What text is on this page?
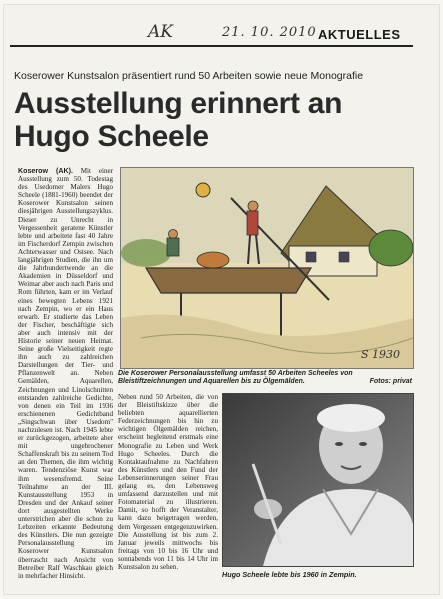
AK	21. 10. 2010 AKTUELLES
Koserower Kunstsalon präsentiert rund 50 Arbeiten sowie neue Monografie
Ausstellung erinnert an Hugo Scheele
Koserow (AK). Mit einer Ausstellung zum 50. Todestag des Usedomer Malers Hugo Scheele (1881-1960) beendet der Koserower Kunstsalon seinen diesjährigen Ausstellungszyklus. Dieser zu Unrecht in Vergessenheit geratene Künstler lebte und arbeitete fast 40 Jahre im Fischerdorf Zempin zwischen Achterwasser und Ostsee. Nach langjährigen Studien, die ihn um die Jahrhundertwende an die Akademien in Düsseldorf und Weimar aber auch nach Paris und Rom führten, kam er im Verlauf eines bewegten Lebens 1921 nach Zempin, wo er ein Haus erwarb. Er studierte das Leben der Fischer, beschäftigte sich aber auch intensiv mit der Historie seiner neuen Heimat. Seine große Vielseitigkeit regte ihn auch zu zahlreichen Darstellungen der Tier- und Pflanzenwelt an. Neben Gemälden, Aquarellen, Zeichnungen und Linolschnitten entstanden zahlreiche Gedichte, von denen ein Teil im 1936 erschienenen Gedichtband „Singschwan über Usedom" nachzulesen ist. Nach 1945 lebte er zurückgezogen, arbeitete aber mit ungebrochener Schaffenskraft bis zu seinem Tod an den Themen, die ihm wichtig waren. Tendenziöse Kunst war ihm wesensfremd. Seine Teilnahme an der III. Kunstausstellung 1953 in Dresden und der Ankauf seiner dort ausgestellten Werke unterstrichen aber die schon zu Lebzeiten erkannte Bedeutung des Künstlers. Die nun gezeigte Personalausstellung im Koserower Kunstsalon überrascht nach Ansicht von Betreiber Ralf Waschkau gleich in mehrfacher Hinsicht.
S 1930
Die Koserower Personalausstellung umfasst 50 Arbeiten Scheeles von Bleistiftzeichnungen und Aquarellen bis zu Ölgemälden.	Fotos: privat
Neben rund 50 Arbeiten, die von der Bleistiftskizze über die beliebten aquarellierten Federzeichnungen bis hin zu wichtigen Ölgemälden reichen, erscheint begleitend erstmals eine Monografie zu Leben und Werk Hugo Scheeles. Durch die Kontaktaufnahme zu Nachfahren des Künstlers und den Fund der Lebenserinnerungen seiner Frau gelang es, den Lebensweg umfassend darzustellen und mit Fotomaterial zu illustrieren. Damit, so hofft der Veranstalter, kann dazu beigetragen werden, dem Vergessen entgegenzuwirken. Die Ausstellung ist bis zum 2. Januar jeweils mittwochs bis freitags von 10 bis 16 Uhr und sonnabends von 11 bis 14 Uhr im Kunstsalon zu sehen.
Hugo Scheele lebte bis 1960 in Zempin.
